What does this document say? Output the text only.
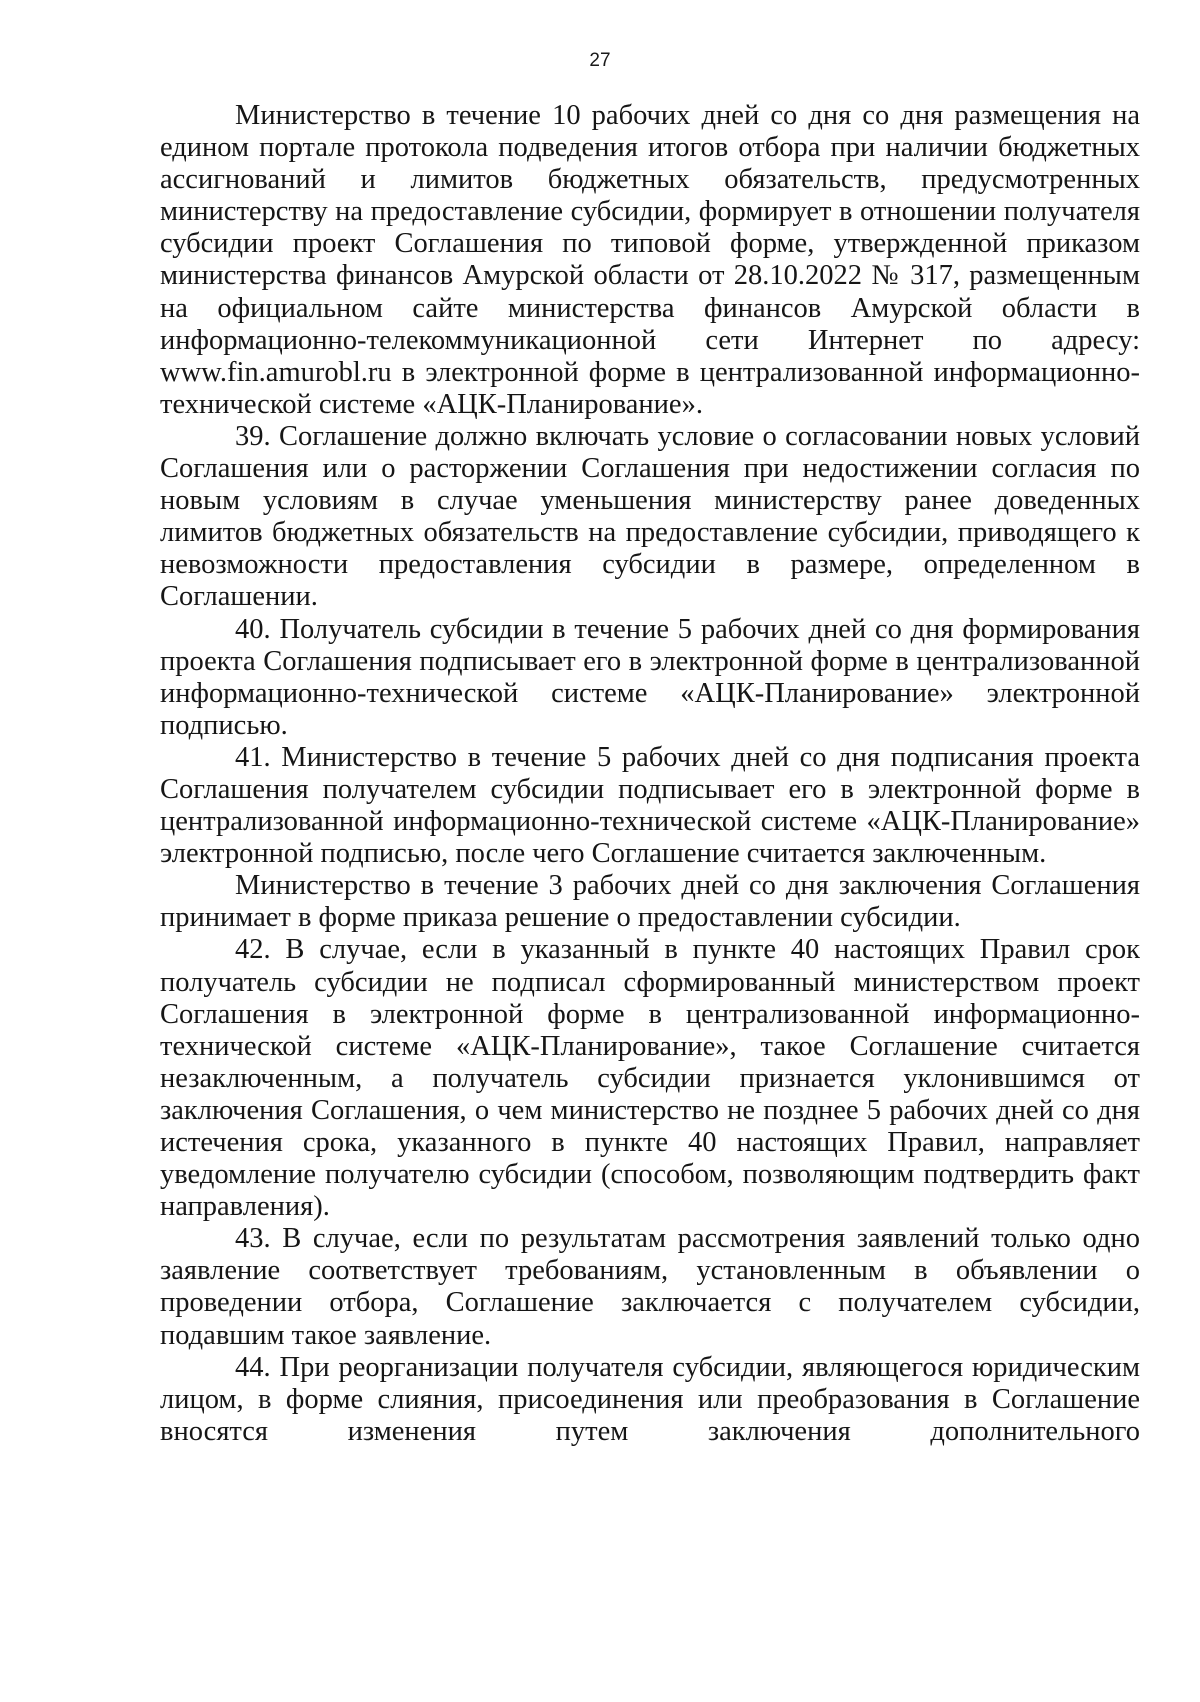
27

Министерство в течение 10 рабочих дней со дня со дня размещения на едином портале протокола подведения итогов отбора при наличии бюджетных ассигнований и лимитов бюджетных обязательств, предусмотренных министерству на предоставление субсидии, формирует в отношении получателя субсидии проект Соглашения по типовой форме, утвержденной приказом министерства финансов Амурской области от 28.10.2022 № 317, размещенным на официальном сайте министерства финансов Амурской области в информационно-телекоммуникационной сети Интернет по адресу: www.fin.amurobl.ru в электронной форме в централизованной информационно-технической системе «АЦК-Планирование».

39. Соглашение должно включать условие о согласовании новых условий Соглашения или о расторжении Соглашения при недостижении согласия по новым условиям в случае уменьшения министерству ранее доведенных лимитов бюджетных обязательств на предоставление субсидии, приводящего к невозможности предоставления субсидии в размере, определенном в Соглашении.

40. Получатель субсидии в течение 5 рабочих дней со дня формирования проекта Соглашения подписывает его в электронной форме в централизованной информационно-технической системе «АЦК-Планирование» электронной подписью.

41. Министерство в течение 5 рабочих дней со дня подписания проекта Соглашения получателем субсидии подписывает его в электронной форме в централизованной информационно-технической системе «АЦК-Планирование» электронной подписью, после чего Соглашение считается заключенным.

Министерство в течение 3 рабочих дней со дня заключения Соглашения принимает в форме приказа решение о предоставлении субсидии.

42. В случае, если в указанный в пункте 40 настоящих Правил срок получатель субсидии не подписал сформированный министерством проект Соглашения в электронной форме в централизованной информационно-технической системе «АЦК-Планирование», такое Соглашение считается незаключенным, а получатель субсидии признается уклонившимся от заключения Соглашения, о чем министерство не позднее 5 рабочих дней со дня истечения срока, указанного в пункте 40 настоящих Правил, направляет уведомление получателю субсидии (способом, позволяющим подтвердить факт направления).

43. В случае, если по результатам рассмотрения заявлений только одно заявление соответствует требованиям, установленным в объявлении о проведении отбора, Соглашение заключается с получателем субсидии, подавшим такое заявление.

44. При реорганизации получателя субсидии, являющегося юридическим лицом, в форме слияния, присоединения или преобразования в Соглашение вносятся изменения путем заключения дополнительного
